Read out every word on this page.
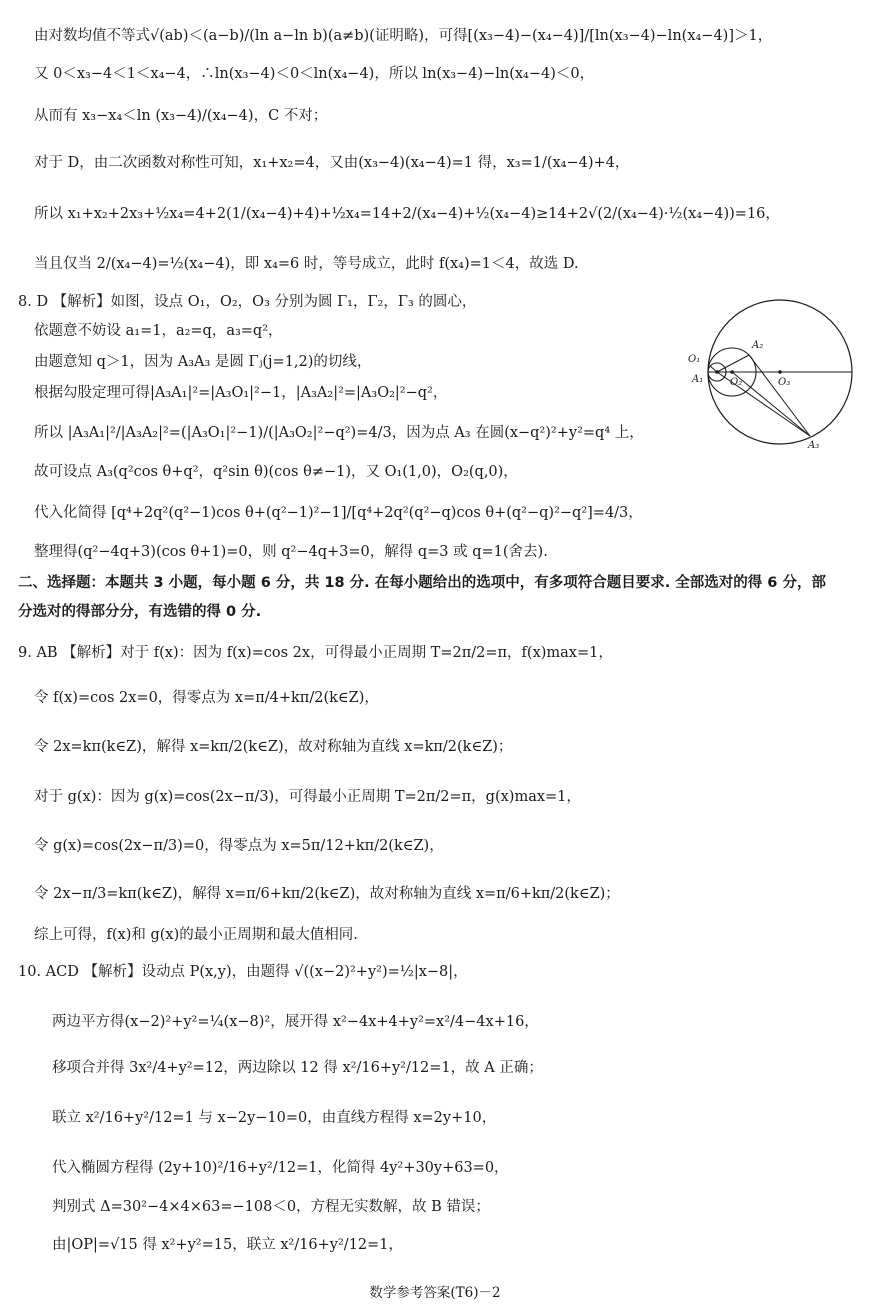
由对数均值不等式√(ab)＜(a−b)/(ln a−ln b)(a≠b)(证明略)，可得[(x₃−4)−(x₄−4)]/[ln(x₃−4)−ln(x₄−4)]＞1，
又 0＜x₃−4＜1＜x₄−4，∴ln(x₃−4)＜0＜ln(x₄−4)，所以 ln(x₃−4)−ln(x₄−4)＜0，
从而有 x₃−x₄＜ln (x₃−4)/(x₄−4)，C 不对；
对于 D，由二次函数对称性可知，x₁+x₂=4，又由(x₃−4)(x₄−4)=1 得，x₃=1/(x₄−4)+4，
所以 x₁+x₂+2x₃+½x₄=4+2(1/(x₄−4)+4)+½x₄=14+2/(x₄−4)+½(x₄−4)≥14+2√(2/(x₄−4)·½(x₄−4))=16，
当且仅当 2/(x₄−4)=½(x₄−4)，即 x₄=6 时，等号成立，此时 f(x₄)=1＜4，故选 D.
8. D 【解析】如图，设点 O₁，O₂，O₃ 分别为圆 Γ₁，Γ₂，Γ₃ 的圆心，
依题意不妨设 a₁=1，a₂=q，a₃=q²，
由题意知 q＞1，因为 A₃A₃ 是圆 Γⱼ(j=1,2)的切线，
根据勾股定理可得|A₃A₁|²=|A₃O₁|²−1，|A₃A₂|²=|A₃O₂|²−q²，
所以 |A₃A₁|²/|A₃A₂|²=(|A₃O₁|²−1)/(|A₃O₂|²−q²)=4/3，因为点 A₃ 在圆(x−q²)²+y²=q⁴ 上，
故可设点 A₃(q²cos θ+q²，q²sin θ)(cos θ≠−1)，又 O₁(1,0)，O₂(q,0)，
代入化简得 [q⁴+2q²(q²−1)cos θ+(q²−1)²−1]/[q⁴+2q²(q²−q)cos θ+(q²−q)²−q²]=4/3，
整理得(q²−4q+3)(cos θ+1)=0，则 q²−4q+3=0，解得 q=3 或 q=1(舍去).
二、选择题：本题共 3 小题，每小题 6 分，共 18 分. 在每小题给出的选项中，有多项符合题目要求. 全部选对的得 6 分，部
分选对的得部分分，有选错的得 0 分.
9. AB 【解析】对于 f(x)：因为 f(x)=cos 2x，可得最小正周期 T=2π/2=π，f(x)max=1，
令 f(x)=cos 2x=0，得零点为 x=π/4+kπ/2(k∈Z)，
令 2x=kπ(k∈Z)，解得 x=kπ/2(k∈Z)，故对称轴为直线 x=kπ/2(k∈Z)；
对于 g(x)：因为 g(x)=cos(2x−π/3)，可得最小正周期 T=2π/2=π，g(x)max=1，
令 g(x)=cos(2x−π/3)=0，得零点为 x=5π/12+kπ/2(k∈Z)，
令 2x−π/3=kπ(k∈Z)，解得 x=π/6+kπ/2(k∈Z)，故对称轴为直线 x=π/6+kπ/2(k∈Z)；
综上可得，f(x)和 g(x)的最小正周期和最大值相同.
10. ACD 【解析】设动点 P(x,y)，由题得 √((x−2)²+y²)=½|x−8|，
两边平方得(x−2)²+y²=¼(x−8)²，展开得 x²−4x+4+y²=x²/4−4x+16，
移项合并得 3x²/4+y²=12，两边除以 12 得 x²/16+y²/12=1，故 A 正确；
联立 x²/16+y²/12=1 与 x−2y−10=0，由直线方程得 x=2y+10，
代入椭圆方程得 (2y+10)²/16+y²/12=1，化简得 4y²+30y+63=0，
判别式 Δ=30²−4×4×63=−108＜0，方程无实数解，故 B 错误；
由|OP|=√15 得 x²+y²=15，联立 x²/16+y²/12=1，
O₁
A₁
A₂
O₂	O₃
A₃
数学参考答案(T6)－2
